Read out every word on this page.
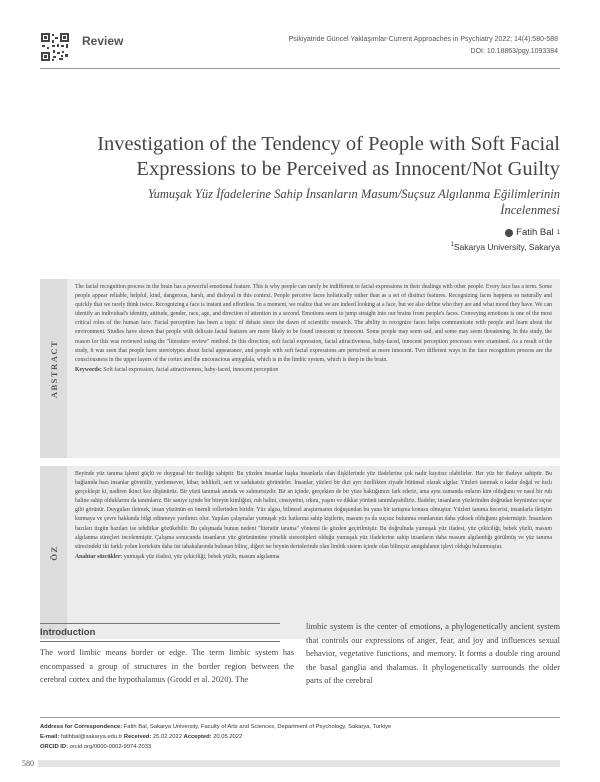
Review	Psikiyatride Güncel Yaklaşımlar-Current Approaches in Psychiatry 2022; 14(4):580-588
DOI: 10.18863/pgy.1093384
Investigation of the Tendency of People with Soft Facial
Expressions to be Perceived as Innocent/Not Guilty
Yumuşak Yüz İfadelerine Sahip İnsanların Masum/Suçsuz Algılanma Eğilimlerinin
İncelenmesi
Fatih Bal 1
$^1$Sakarya University, Sakarya
ABSTRACT
The facial recognition process in the brain has a powerful emotional feature. This is why people can rarely be indifferent to facial expressions in their dealings with other people. Every face has a term. Some people appear reliable, helpful, kind, dangerous, harsh, and disloyal in this context. People perceive faces holistically rather than as a set of distinct features. Recognizing faces happens so naturally and quickly that we rarely think twice. Recognizing a face is instant and effortless. In a moment, we realize that we are indeed looking at a face, but we also define who they are and what mood they have. We can identify an individual's identity, attitude, gender, race, age, and direction of attention in a second. Emotions seem to jump straight into our brains from people's faces. Conveying emotions is one of the most critical roles of the human face. Facial perception has been a topic of debate since the dawn of scientific research. The ability to recognize faces helps communicate with people and learn about the environment. Studies have shown that people with delicate facial features are more likely to be found innocent or innocent. Some people may seem sad, and some may seem threatening. In this study, the reason for this was reviewed using the "literature review" method. In this direction, soft facial expression, facial attractiveness, baby-faced, innocent perception processes were examined. As a result of the study, it was seen that people have stereotypes about facial appearance, and people with soft facial expressions are perceived as more innocent. Two different ways in the face recognition process are the consciousness in the upper layers of the cortex and the unconscious amygdala, which is in the limbic system, which is deep in the brain.
Keywords: Soft facial expression, facial attractiveness, baby-faced, innocent perception
ÖZ
Beyinde yüz tanıma işlemi güçlü ve duygusal bir özelliğe sahiptir. Bu yüzden insanlar başka insanlarla olan ilişkilerinde yüz ifadelerine çok nadir kayıtsız olabilirler. Her yüz bir ifadeye sahiptir. Bu bağlamda bazı insanlar güvenilir, yardımsever, kibar, tehlikeli, sert ve sadakatsiz görünürler. İnsanlar, yüzleri bir dizi ayrı özellikten ziyade bütünsel olarak algılar. Yüzleri tanımak o kadar doğal ve hızlı gerçekleşir ki, nadiren ikinci kez düşünürüz. Bir yüzü tanımak anında ve zahmetsizdir. Bir an içinde, gerçekten de bir yüze baktığımızı fark ederiz, ama aynı zamanda onların kim olduğunu ve nasıl bir ruh haline sahip olduklarını da tanımlarız. Bir saniye içinde bir bireyin kimliğini, ruh halini, cinsiyetini, ırkını, yaşını ve dikkat yönünü tanımlayabiliriz. İfadeler, insanların yüzlerinden doğrudan beynimize sıçrar gibi görünür. Duyguları iletmek, insan yüzünün en önemli rollerinden biridir. Yüz algısı, bilimsel araştırmanın doğuşundan bu yana bir tartışma konusu olmuştur. Yüzleri tanıma becerisi, insanlarla iletişim kurmaya ve çevre hakkında bilgi edinmeye yardımcı olur. Yapılan çalışmalar yumuşak yüz hatlarına sahip kişilerin, masum ya da suçsuz bulunma oranlarının daha yüksek olduğunu göstermiştir. İnsanların bazıları üzgün bazıları ise tehditkar gözükebilir. Bu çalışmada bunun nedeni "literatür tarama" yöntemi ile gözden geçirilmiştir. Bu doğrultuda yumuşak yüz ifadesi, yüz çekiciliği, bebek yüzlü, masum algılanma süreçleri incelenmiştir. Çalışma sonucunda insanların yüz görünümüne yönelik stereotipleri olduğu yumuşak yüz ifadelerine sahip insanların daha masum algılandığı görülmüş ve yüz tanıma sürecindeki iki farklı yolun korteksin daha üst tabakalarında bulunan bilinç, diğeri ise beynin derinlerinde olan limbik sistem içinde olan bilinçsiz amigdalanın işlevi olduğu bulunmuştur.
Anahtar sözcükler: yumuşak yüz ifadesi, yüz çekiciliği, bebek yüzlü, masum algılanma
Introduction
The word limbic means border or edge. The term limbic system has encompassed a group of structures in the border region between the cerebral cortex and the hypothalamus (Grodd et al. 2020). The
limbic system is the center of emotions, a phylogenetically ancient system that controls our expressions of anger, fear, and joy and influences sexual behavior, vegetative functions, and memory. It forms a double ring around the basal ganglia and thalamus. It phylogenetically surrounds the older parts of the cerebral
Address for Correspondence: Fatih Bal, Sakarya University, Faculty of Arts and Sciences, Department of Psychology, Sakarya, Turkiye
E-mail: fatihbal@sakarya.edu.tr Received: 25.02.2022 Accepted: 20.05.2022
ORCID ID: orcid.org/0000-0002-9974-2033
580
